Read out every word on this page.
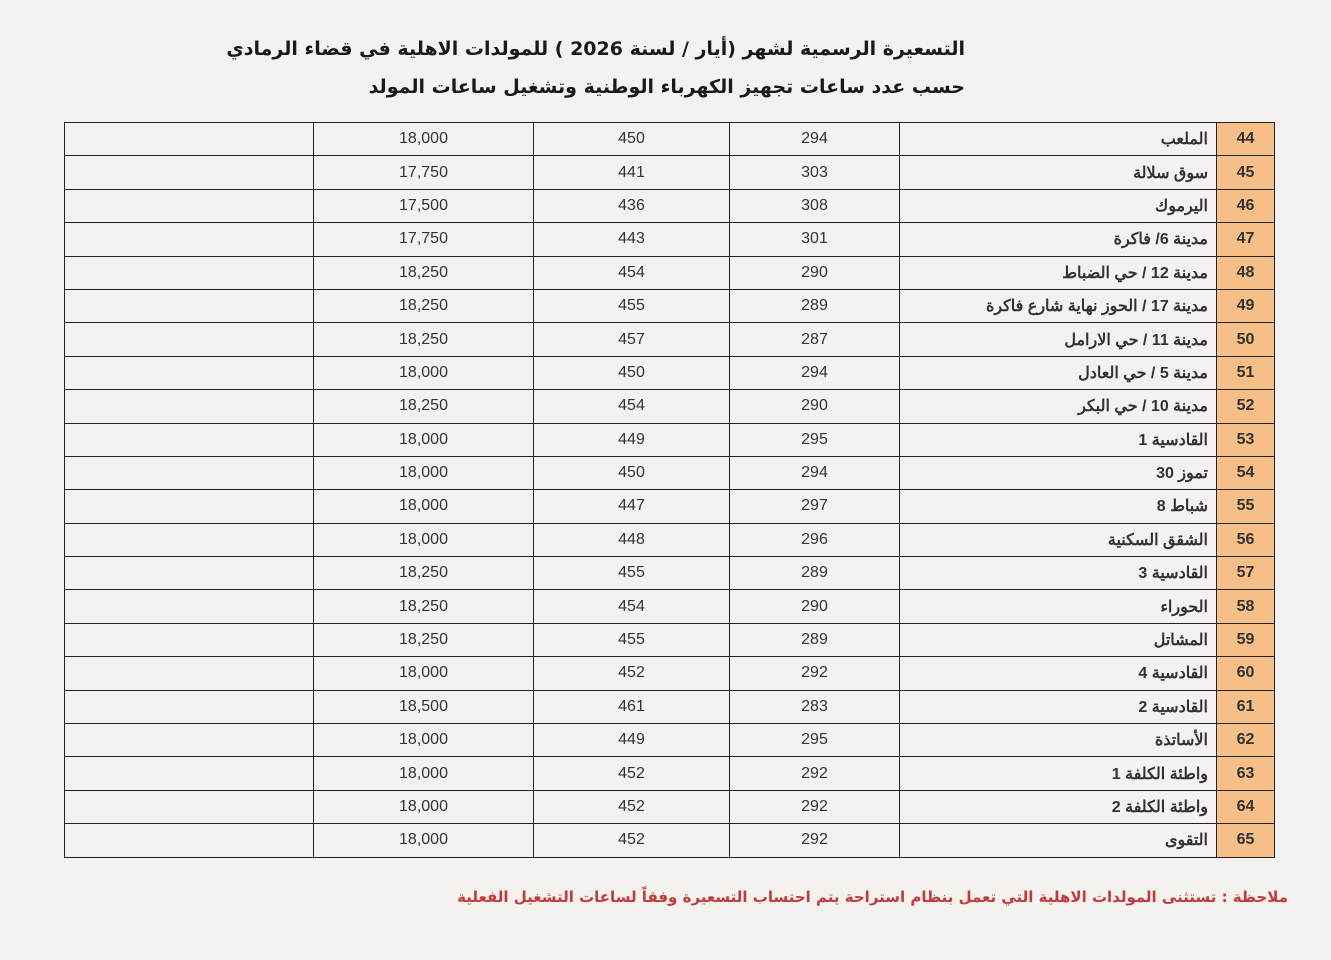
التسعيرة الرسمية لشهر (أيار / لسنة 2026 ) للمولدات الاهلية في قضاء الرمادي
حسب عدد ساعات تجهيز الكهرباء الوطنية وتشغيل ساعات المولد
44	الملعب	294	450	18,000	
45	سوق سلالة	303	441	17,750	
46	اليرموك	308	436	17,500	
47	مدينة 6/ فاكرة	301	443	17,750	
48	مدينة 12 / حي الضباط	290	454	18,250	
49	مدينة 17 / الحوز نهاية شارع فاكرة	289	455	18,250	
50	مدينة 11 / حي الارامل	287	457	18,250	
51	مدينة 5 / حي العادل	294	450	18,000	
52	مدينة 10 / حي البكر	290	454	18,250	
53	القادسية 1	295	449	18,000	
54	تموز 30	294	450	18,000	
55	شباط 8	297	447	18,000	
56	الشقق السكنية	296	448	18,000	
57	القادسية 3	289	455	18,250	
58	الحوراء	290	454	18,250	
59	المشاتل	289	455	18,250	
60	القادسية 4	292	452	18,000	
61	القادسية 2	283	461	18,500	
62	الأساتذة	295	449	18,000	
63	واطئة الكلفة 1	292	452	18,000	
64	واطئة الكلفة 2	292	452	18,000	
65	التقوى	292	452	18,000	
ملاحظة : تستثنى المولدات الاهلية التي تعمل بنظام استراحة يتم احتساب التسعيرة وفقاً لساعات التشغيل الفعلية
